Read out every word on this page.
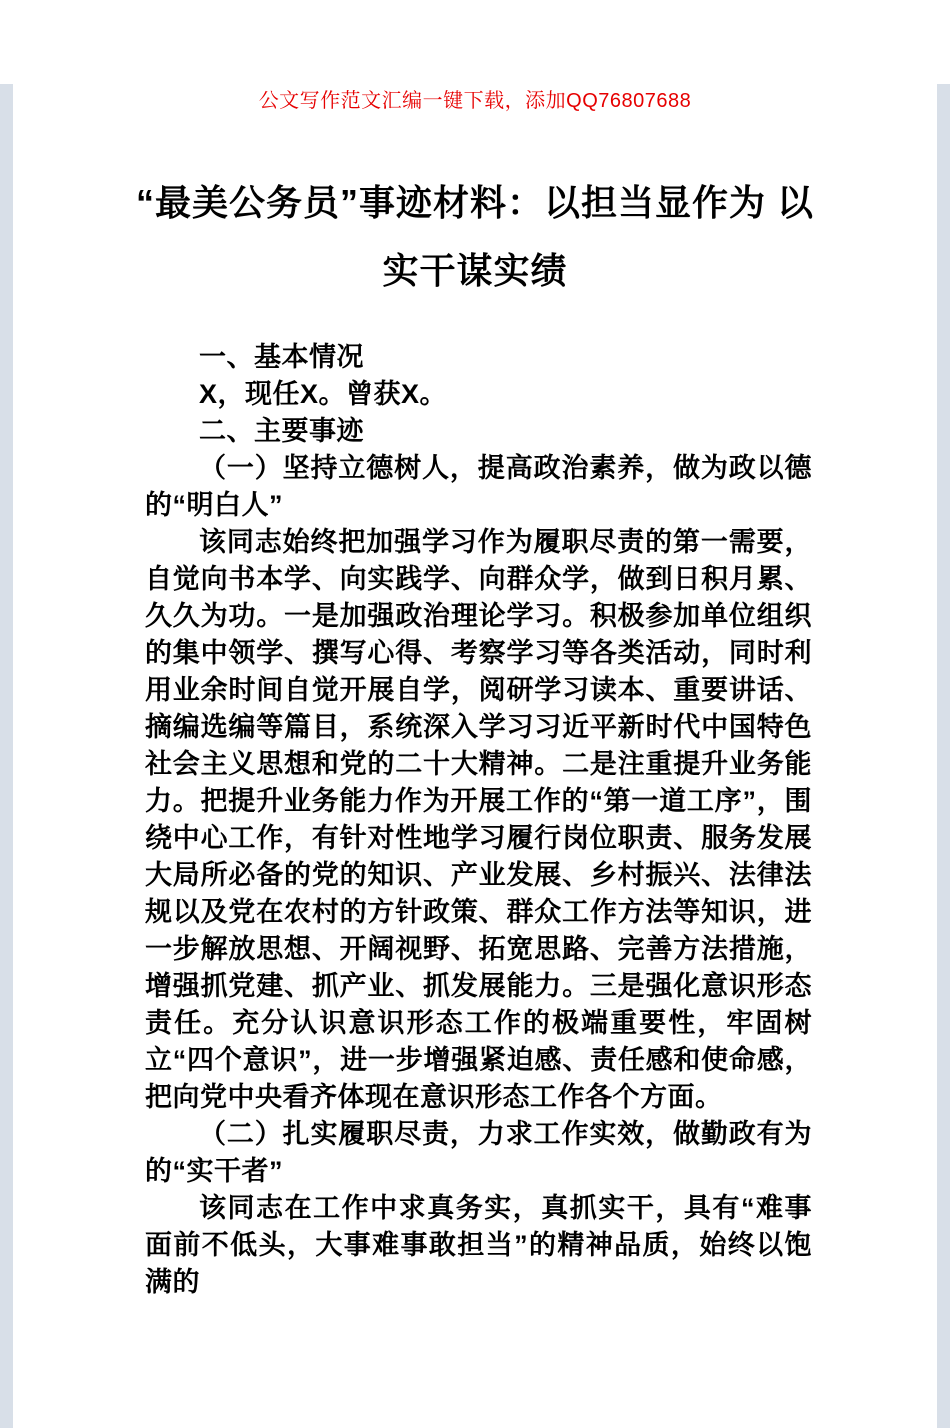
公文写作范文汇编一键下载，添加QQ76807688
“最美公务员”事迹材料：以担当显作为 以
实干谋实绩

一、基本情况

X，现任X。曾获X。

二、主要事迹

（一）坚持立德树人，提高政治素养，做为政以德的“明白人”

该同志始终把加强学习作为履职尽责的第一需要，自觉向书本学、向实践学、向群众学，做到日积月累、久久为功。一是加强政治理论学习。积极参加单位组织的集中领学、撰写心得、考察学习等各类活动，同时利用业余时间自觉开展自学，阅研学习读本、重要讲话、摘编选编等篇目，系统深入学习习近平新时代中国特色社会主义思想和党的二十大精神。二是注重提升业务能力。把提升业务能力作为开展工作的“第一道工序”，围绕中心工作，有针对性地学习履行岗位职责、服务发展大局所必备的党的知识、产业发展、乡村振兴、法律法规以及党在农村的方针政策、群众工作方法等知识，进一步解放思想、开阔视野、拓宽思路、完善方法措施，增强抓党建、抓产业、抓发展能力。三是强化意识形态责任。充分认识意识形态工作的极端重要性，牢固树立“四个意识”，进一步增强紧迫感、责任感和使命感，把向党中央看齐体现在意识形态工作各个方面。

（二）扎实履职尽责，力求工作实效，做勤政有为的“实干者”

该同志在工作中求真务实，真抓实干，具有“难事面前不低头，大事难事敢担当”的精神品质，始终以饱满的
